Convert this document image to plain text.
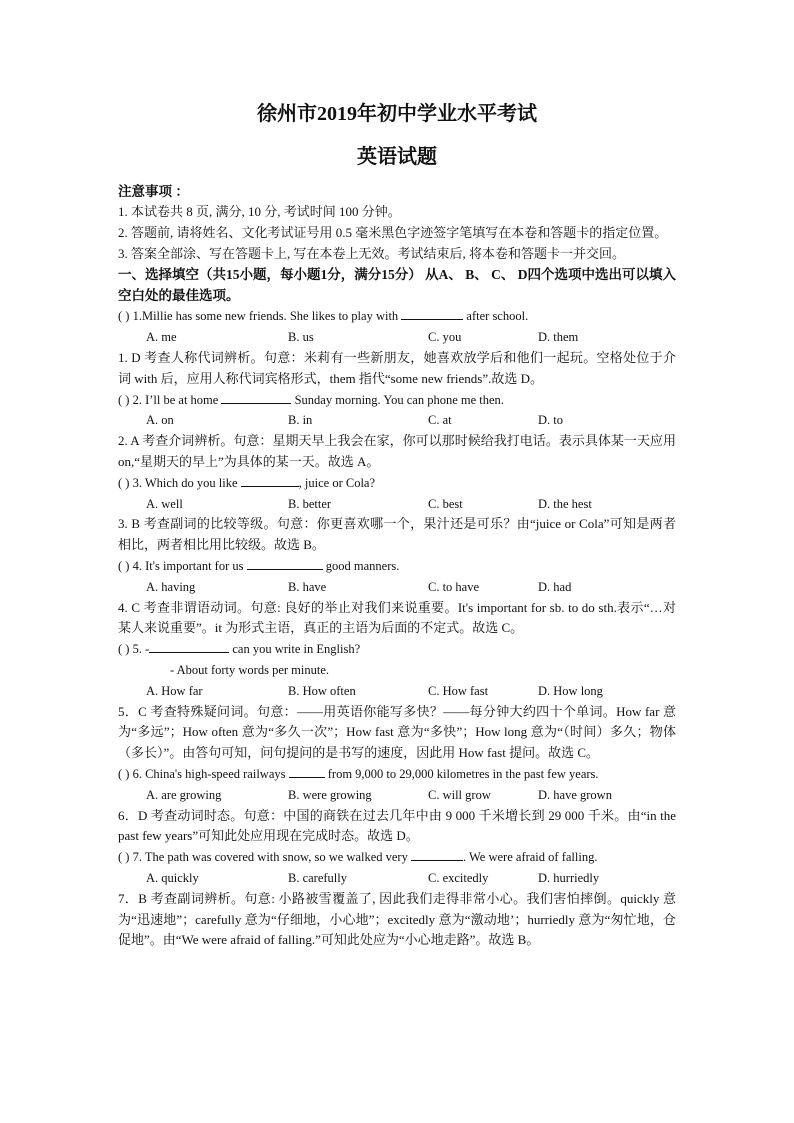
徐州市2019年初中学业水平考试
英语试题
注意事项 ：

1. 本试卷共 8 页, 满分, 10 分, 考试时间 100 分钟。

2. 答题前, 请将姓名、文化考试证号用 0.5 毫米黑色字迹签字笔填写在本卷和答题卡的指定位置。

3. 答案全部涂、写在答题卡上, 写在本卷上无效。考试结束后, 将本卷和答题卡一并交回。

一、选择填空（共15小题，每小题1分，满分15分） 从A、 B、 C、 D四个选项中选出可以填入空白处的最佳选项。

( ) 1.Millie has some new friends. She likes to play with	after school.
A. me	B. us	C. you	D. them

1. D 考查人称代词辨析。句意：米莉有一些新朋友，她喜欢放学后和他们一起玩。空格处位于介词 with 后，应用人称代词宾格形式，them 指代“some new friends”.故选 D。

( ) 2. I’ll be at home	Sunday morning. You can phone me then.
A. on	B. in	C. at	D. to

2. A 考查介词辨析。句意：星期天早上我会在家，你可以那时候给我打电话。表示具体某一天应用 on,“星期天的早上”为具体的某一天。故选 A。

( ) 3. Which do you like	, juice or Cola?
A. well	B. better	C. best	D. the hest

3. B 考查副词的比较等级。句意：你更喜欢哪一个，果汁还是可乐？由“juice or Cola”可知是两者相比，两者相比用比较级。故选 B。

( ) 4. It's important for us	good manners.
A. having	B. have	C. to have	D. had

4. C 考查非谓语动词。句意: 良好的举止对我们来说重要。It's important for sb. to do sth.表示“…对某人来说重要”。it 为形式主语，真正的主语为后面的不定式。故选 C。

( ) 5. -	can you write in English?
- About forty words per minute.
A. How far	B. How often	C. How fast	D. How long

5．C 考查特殊疑问词。句意：——用英语你能写多快？——每分钟大约四十个单词。How far 意为“多远”；How often 意为“多久一次”；How fast 意为“多快”；How long 意为“（时间）多久；物体（多长）”。由答句可知，问句提问的是书写的速度，因此用 How fast 提问。故选 C。

( ) 6. China's high-speed railways	from 9,000 to 29,000 kilometres in the past few years.
A. are growing	B. were growing	C. will grow	D. have grown

6．D 考查动词时态。句意：中国的商铁在过去几年中由 9 000 千米增长到 29 000 千米。由“in the past few years”可知此处应用现在完成时态。故选 D。

( ) 7. The path was covered with snow, so we walked very	. We were afraid of falling.
A. quickly	B. carefully	C. excitedly	D. hurriedly

7．B 考查副词辨析。句意: 小路被雪覆盖了, 因此我们走得非常小心。我们害怕摔倒。quickly 意为“迅速地”；carefully 意为“仔细地，小心地”；excitedly 意为“激动地’；hurriedly 意为“匆忙地，仓促地”。由“We were afraid of falling.”可知此处应为“小心地走路”。故选 B。
